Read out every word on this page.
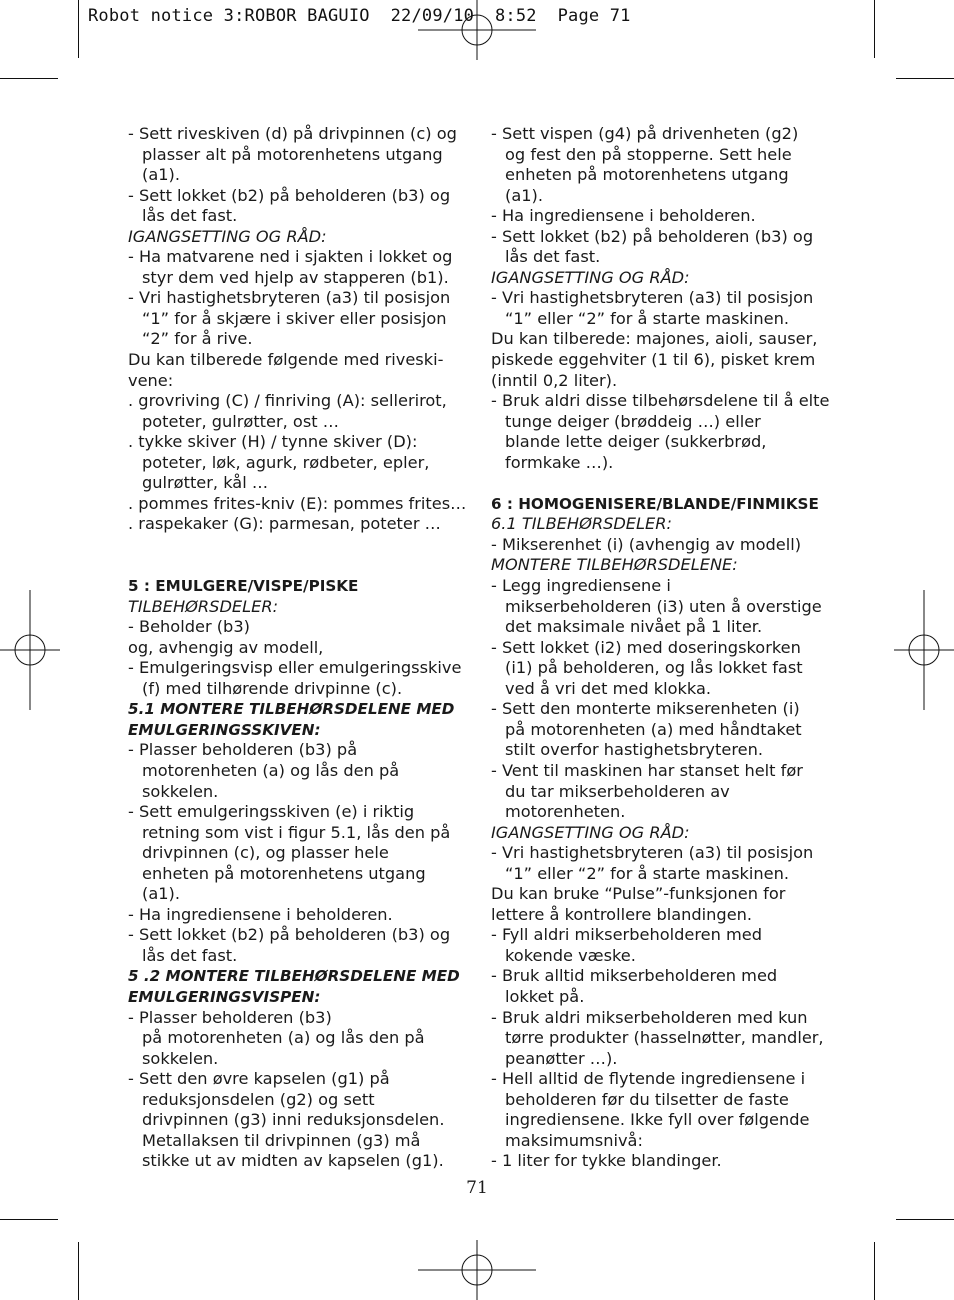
Robot notice 3:ROBOR BAGUIO  22/09/10  8:52  Page 71
- Sett riveskiven (d) på drivpinnen (c) og
plasser alt på motorenhetens utgang
(a1).
- Sett lokket (b2) på beholderen (b3) og
lås det fast.
IGANGSETTING OG RÅD:
- Ha matvarene ned i sjakten i lokket og
styr dem ved hjelp av stapperen (b1).
- Vri hastighetsbryteren (a3) til posisjon
“1” for å skjære i skiver eller posisjon
“2” for å rive.
Du kan tilberede følgende med riveski-
vene:
. grovriving (C) / finriving (A): sellerirot,
poteter, gulrøtter, ost …
. tykke skiver (H) / tynne skiver (D):
poteter, løk, agurk, rødbeter, epler,
gulrøtter, kål …
. pommes frites-kniv (E): pommes frites…
. raspekaker (G): parmesan, poteter …
5 : EMULGERE/VISPE/PISKE
TILBEHØRSDELER:
- Beholder (b3)
og, avhengig av modell,
- Emulgeringsvisp eller emulgeringsskive
(f) med tilhørende drivpinne (c).
5.1 MONTERE TILBEHØRSDELENE MED
EMULGERINGSSKIVEN:
- Plasser beholderen (b3) på
motorenheten (a) og lås den på
sokkelen.
- Sett emulgeringsskiven (e) i riktig
retning som vist i figur 5.1, lås den på
drivpinnen (c), og plasser hele
enheten på motorenhetens utgang
(a1).
- Ha ingrediensene i beholderen.
- Sett lokket (b2) på beholderen (b3) og
lås det fast.
5 .2 MONTERE TILBEHØRSDELENE MED
EMULGERINGSVISPEN:
- Plasser beholderen (b3)
på motorenheten (a) og lås den på
sokkelen.
- Sett den øvre kapselen (g1) på
reduksjonsdelen (g2) og sett
drivpinnen (g3) inni reduksjonsdelen.
Metallaksen til drivpinnen (g3) må
stikke ut av midten av kapselen (g1).
- Sett vispen (g4) på drivenheten (g2)
og fest den på stopperne. Sett hele
enheten på motorenhetens utgang
(a1).
- Ha ingrediensene i beholderen.
- Sett lokket (b2) på beholderen (b3) og
lås det fast.
IGANGSETTING OG RÅD:
- Vri hastighetsbryteren (a3) til posisjon
“1” eller “2” for å starte maskinen.
Du kan tilberede: majones, aioli, sauser,
piskede eggehviter (1 til 6), pisket krem
(inntil 0,2 liter).
- Bruk aldri disse tilbehørsdelene til å elte
tunge deiger (brøddeig …) eller
blande lette deiger (sukkerbrød,
formkake …).
6 : HOMOGENISERE/BLANDE/FINMIKSE
6.1 TILBEHØRSDELER:
- Mikserenhet (i) (avhengig av modell)
MONTERE TILBEHØRSDELENE:
- Legg ingrediensene i
mikserbeholderen (i3) uten å overstige
det maksimale nivået på 1 liter.
- Sett lokket (i2) med doseringskorken
(i1) på beholderen, og lås lokket fast
ved å vri det med klokka.
- Sett den monterte mikserenheten (i)
på motorenheten (a) med håndtaket
stilt overfor hastighetsbryteren.
- Vent til maskinen har stanset helt før
du tar mikserbeholderen av
motorenheten.
IGANGSETTING OG RÅD:
- Vri hastighetsbryteren (a3) til posisjon
“1” eller “2” for å starte maskinen.
Du kan bruke “Pulse”-funksjonen for
lettere å kontrollere blandingen.
- Fyll aldri mikserbeholderen med
kokende væske.
- Bruk alltid mikserbeholderen med
lokket på.
- Bruk aldri mikserbeholderen med kun
tørre produkter (hasselnøtter, mandler,
peanøtter …).
- Hell alltid de flytende ingrediensene i
beholderen før du tilsetter de faste
ingrediensene. Ikke fyll over følgende
maksimumsnivå:
- 1 liter for tykke blandinger.
71
